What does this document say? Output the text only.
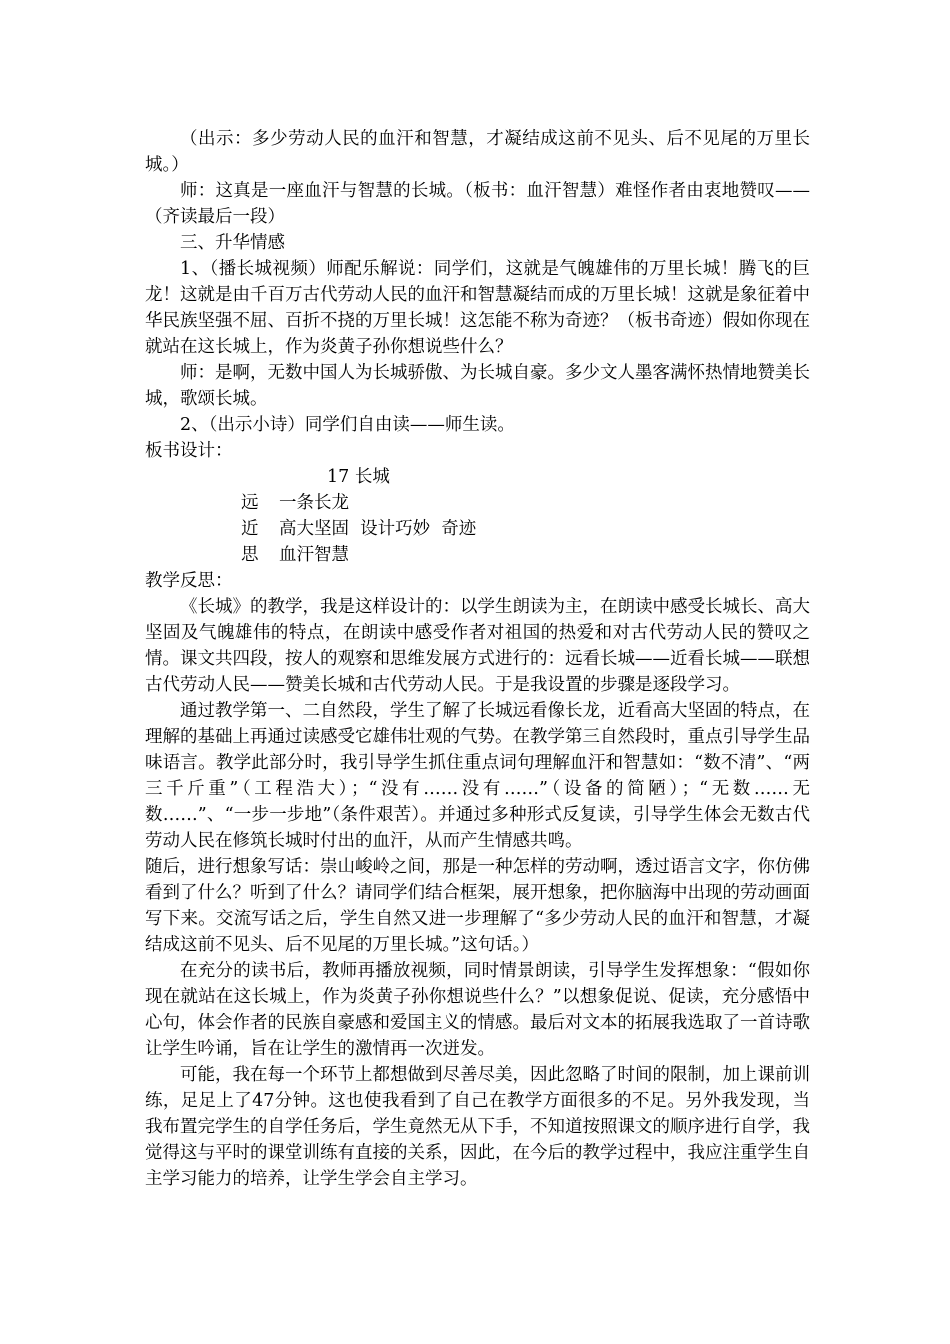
（出示：多少劳动人民的血汗和智慧，才凝结成这前不见头、后不见尾的万里长城。）

师：这真是一座血汗与智慧的长城。（板书：血汗智慧）难怪作者由衷地赞叹——（齐读最后一段）

三、升华情感

1、（播长城视频）师配乐解说：同学们，这就是气魄雄伟的万里长城！腾飞的巨龙！这就是由千百万古代劳动人民的血汗和智慧凝结而成的万里长城！这就是象征着中华民族坚强不屈、百折不挠的万里长城！这怎能不称为奇迹？（板书奇迹）假如你现在就站在这长城上，作为炎黄子孙你想说些什么？

师：是啊，无数中国人为长城骄傲、为长城自豪。多少文人墨客满怀热情地赞美长城，歌颂长城。

2、（出示小诗）同学们自由读——师生读。

板书设计：

17 长城
远 一条长龙
近 高大坚固  设计巧妙  奇迹
思 血汗智慧

教学反思：

《长城》的教学，我是这样设计的：以学生朗读为主，在朗读中感受长城长、高大坚固及气魄雄伟的特点，在朗读中感受作者对祖国的热爱和对古代劳动人民的赞叹之情。课文共四段，按人的观察和思维发展方式进行的：远看长城——近看长城——联想古代劳动人民——赞美长城和古代劳动人民。于是我设置的步骤是逐段学习。

通过教学第一、二自然段，学生了解了长城远看像长龙，近看高大坚固的特点，在理解的基础上再通过读感受它雄伟壮观的气势。在教学第三自然段时，重点引导学生品味语言。教学此部分时，我引导学生抓住重点词句理解血汗和智慧如：“数不清”、“两三千斤重”（工程浩大）；“没有……没有……”（设备的简陋）；“无数……无数……”、“一步一步地”（条件艰苦）。并通过多种形式反复读，引导学生体会无数古代劳动人民在修筑长城时付出的血汗，从而产生情感共鸣。

随后，进行想象写话：崇山峻岭之间，那是一种怎样的劳动啊，透过语言文字，你仿佛看到了什么？听到了什么？请同学们结合框架，展开想象，把你脑海中出现的劳动画面写下来。交流写话之后，学生自然又进一步理解了“多少劳动人民的血汗和智慧，才凝结成这前不见头、后不见尾的万里长城。”这句话。）

在充分的读书后，教师再播放视频，同时情景朗读，引导学生发挥想象：“假如你现在就站在这长城上，作为炎黄子孙你想说些什么？”以想象促说、促读，充分感悟中心句，体会作者的民族自豪感和爱国主义的情感。最后对文本的拓展我选取了一首诗歌让学生吟诵，旨在让学生的激情再一次迸发。

可能，我在每一个环节上都想做到尽善尽美，因此忽略了时间的限制，加上课前训练，足足上了47分钟。这也使我看到了自己在教学方面很多的不足。另外我发现，当我布置完学生的自学任务后，学生竟然无从下手，不知道按照课文的顺序进行自学，我觉得这与平时的课堂训练有直接的关系，因此，在今后的教学过程中，我应注重学生自主学习能力的培养，让学生学会自主学习。
